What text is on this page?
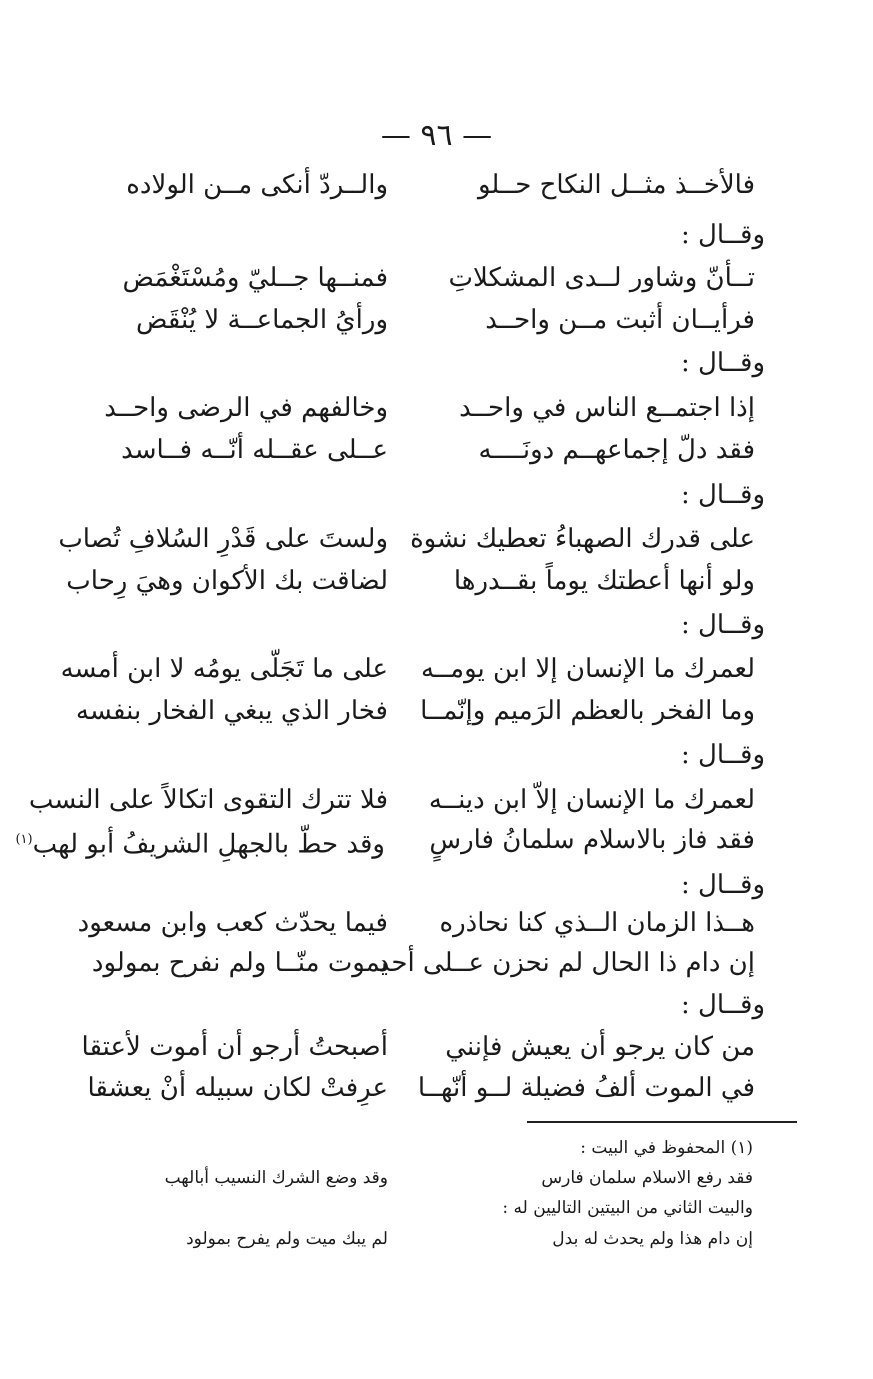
— ٩٦ —
فالأخــذ مثــل النكاح حــلو
والــردّ أنكى مــن الولاده
وقــال :
تــأنّ وشاور لــدى المشكلاتِ
فمنــها جــليّ ومُسْتَغْمَض
فرأيــان أثبت مــن واحــد
ورأيُ الجماعــة لا يُنْقَض
وقــال :
إذا اجتمــع الناس في واحــد
وخالفهم في الرضى واحــد
فقد دلّ إجماعهــم دونَــــه
عــلى عقــله أنّــه فــاسد
وقــال :
على قدرك الصهباءُ تعطيك نشوة
ولستَ على قَدْرِ السُلافِ تُصاب
ولو أنها أعطتك يوماً بقــدرها
لضاقت بك الأكوان وهيَ رِحاب
وقــال :
لعمرك ما الإنسان إلا ابن يومــه
على ما تَجَلّى يومُه لا ابن أمسه
وما الفخر بالعظم الرَميم وإنّمــا
فخار الذي يبغي الفخار بنفسه
وقــال :
لعمرك ما الإنسان إلاّ ابن دينــه
فلا تترك التقوى اتكالاً على النسب
فقد فاز بالاسلام سلمانُ فارسٍ
وقد حطّ بالجهلِ الشريفُ أبو لهب$^{(١)}$
وقــال :
هــذا الزمان الــذي كنا نحاذره
فيما يحدّث كعب وابن مسعود
إن دام ذا الحال لم نحزن عــلى أحد
يموت منّــا ولم نفرح بمولود
وقــال :
من كان يرجو أن يعيش فإنني
أصبحتُ أرجو أن أموت لأعتقا
في الموت ألفُ فضيلة لــو أنّهــا
عرِفتْ لكان سبيله أنْ يعشقا
(١) المحفوظ في البيت :
فقد رفع الاسلام سلمان فارس
وقد وضع الشرك النسيب أبالهب
والبيت الثاني من البيتين التاليين له :
إن دام هذا ولم يحدث له بدل
لم يبك ميت ولم يفرح بمولود
